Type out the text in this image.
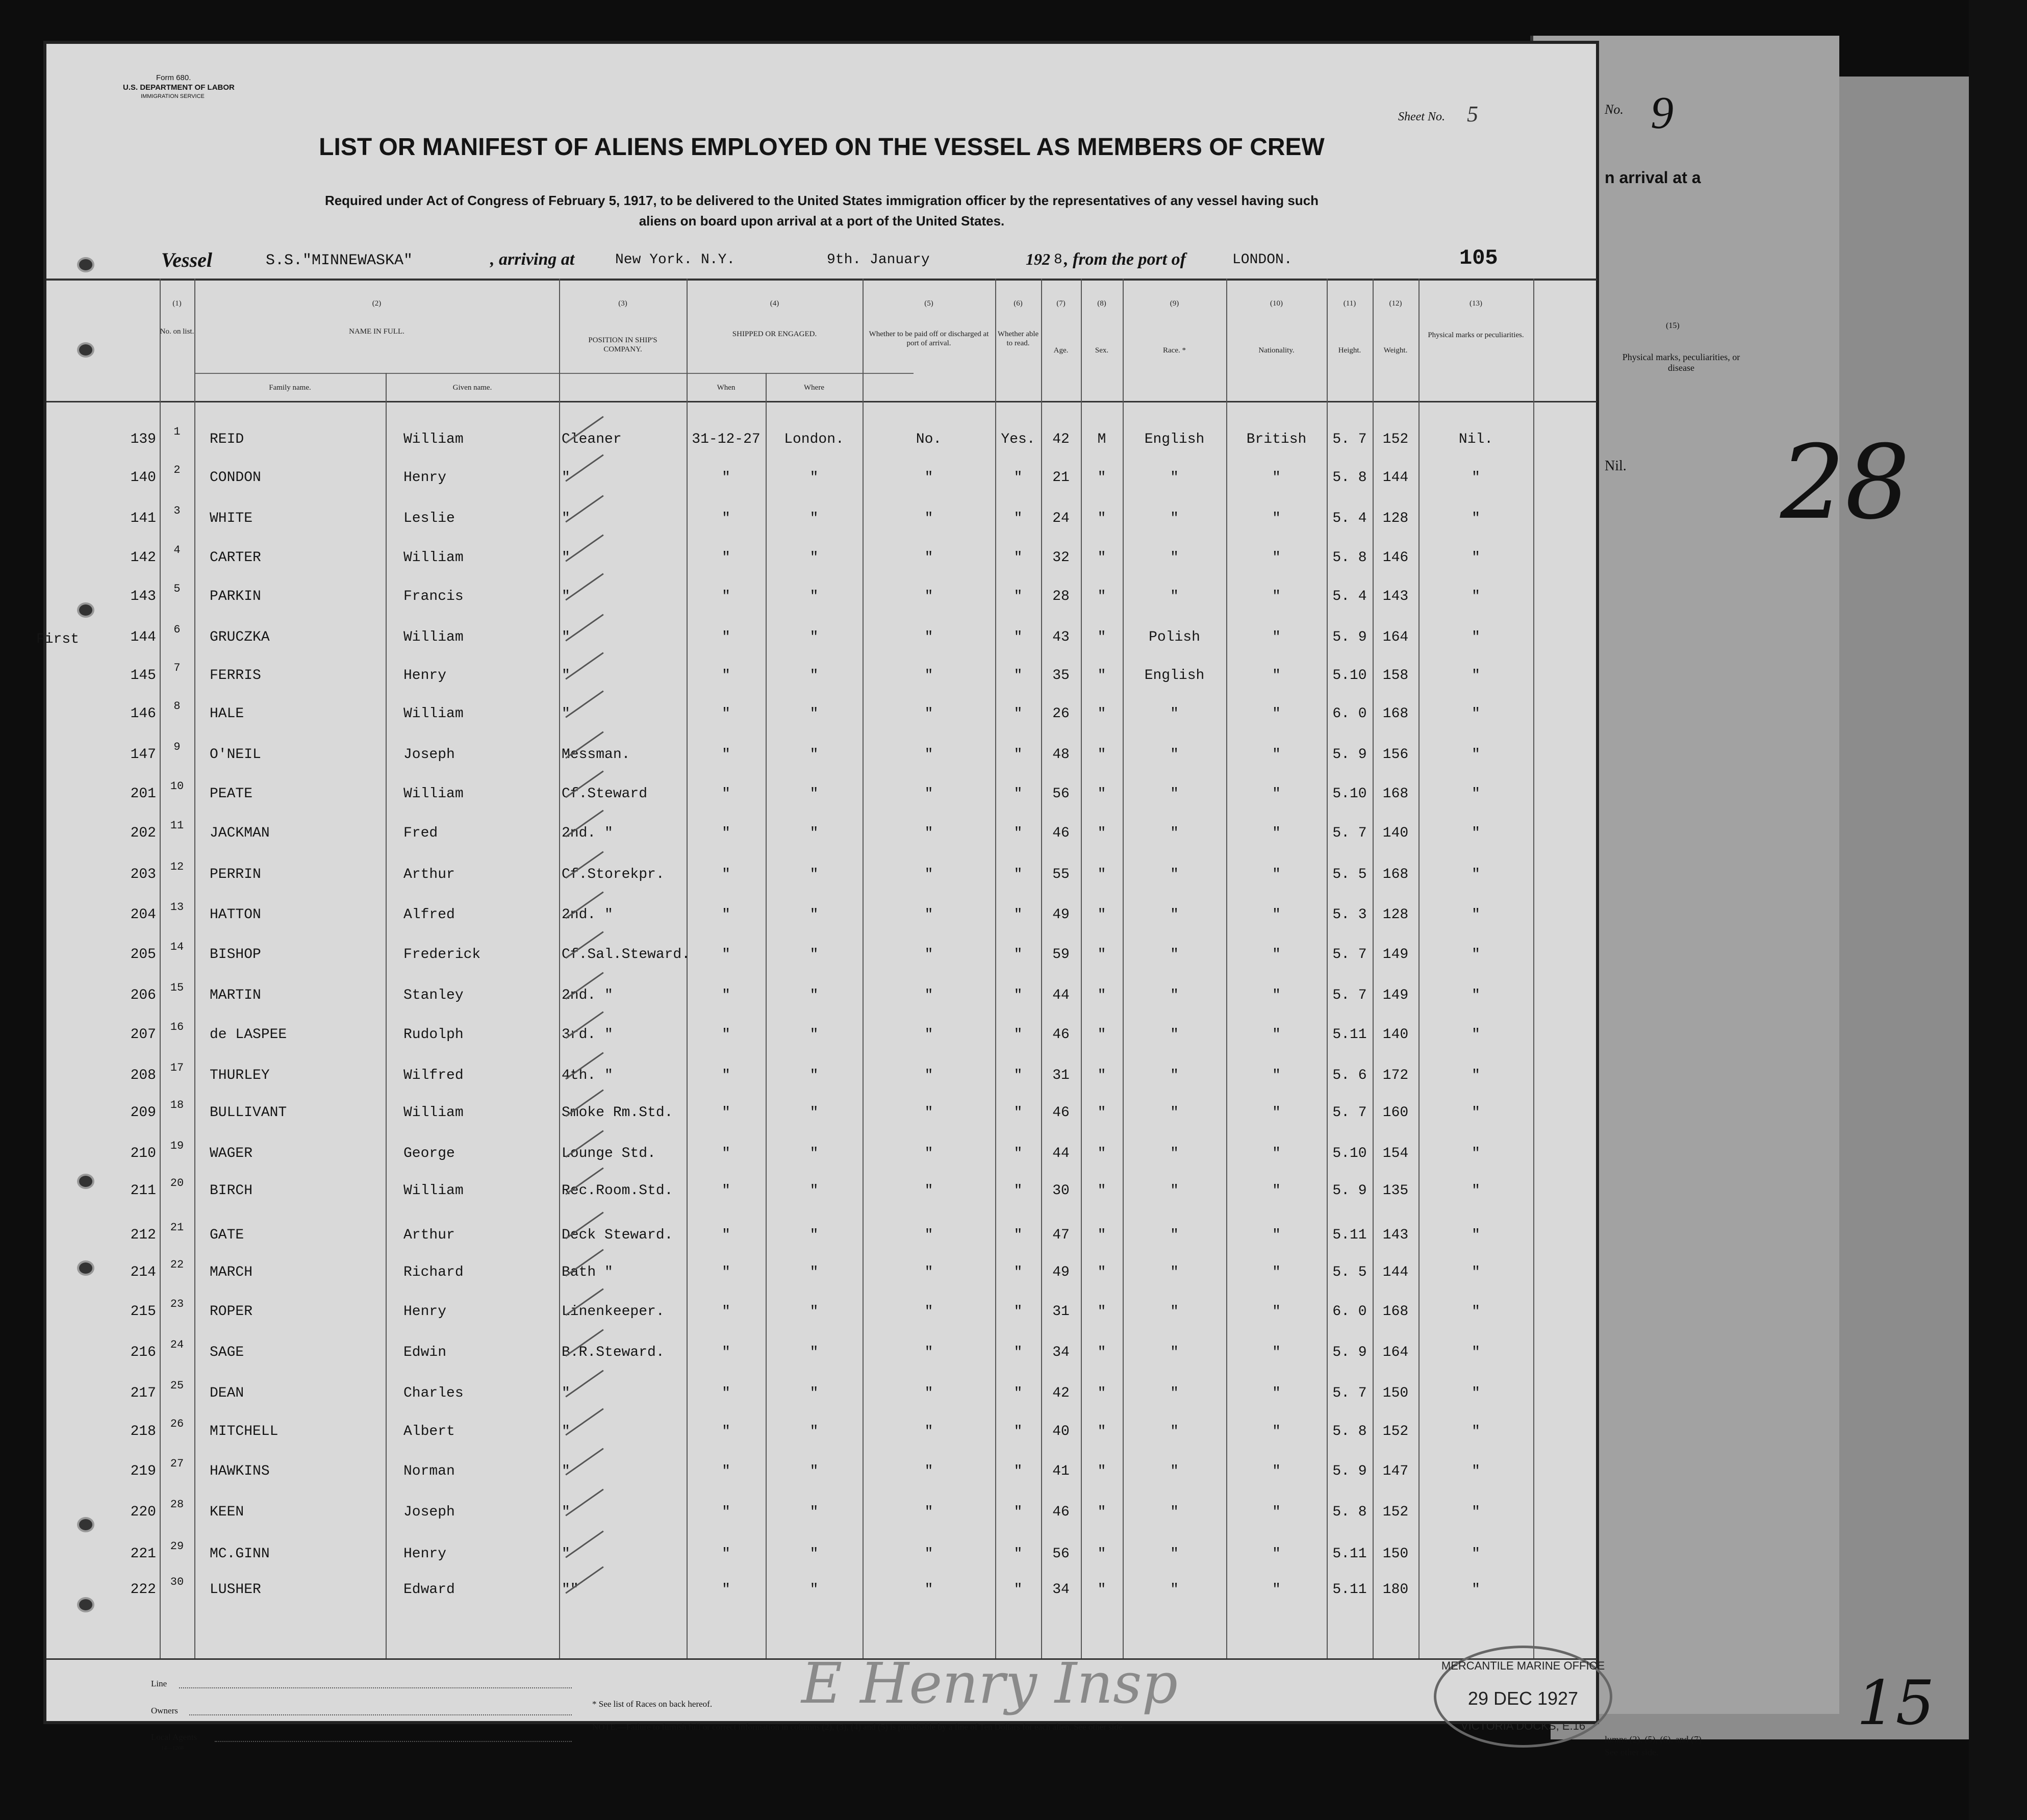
No. 9
n arrival at a
(15)
Physical marks, peculiarities, or disease
Nil.
lumns (2), (5), (6), and (7)
See other side.
28
15
Form 680.
U.S. DEPARTMENT OF LABOR
IMMIGRATION SERVICE
Sheet No. 5
LIST OR MANIFEST OF ALIENS EMPLOYED ON THE VESSEL AS MEMBERS OF CREW
Required under Act of Congress of February 5, 1917, to be delivered to the United States immigration officer by the representatives of any vessel having such
aliens on board upon arrival at a port of the United States.
Vessel	S.S."MINNEWASKA"	, arriving at	New York. N.Y.	9th. January	192 8 , from the port of	LONDON.	105
(1)
No. on list.
(2)
NAME IN FULL.
Family name.	Given name.
(3)
POSITION IN SHIP'S COMPANY.
(4)
SHIPPED OR ENGAGED.
When	Where
(5)
Whether to be paid off or discharged at port of arrival.
(6)
Whether able to read.
(7)
Age.
(8)
Sex.
(9)
Race. *
(10)
Nationality.
(11)
Height.
(12)
Weight.
(13)
Physical marks or peculiarities.
139	1	REID	William	Cleaner	31-12-27	London.	No.	Yes.	42	M	English	British	5. 7	152	Nil.
140	2	CONDON	Henry	"	"	"	"	"	21	"	"	"	5. 8	144	"
141	3	WHITE	Leslie	"	"	"	"	"	24	"	"	"	5. 4	128	"
142	4	CARTER	William	"	"	"	"	"	32	"	"	"	5. 8	146	"
143	5	PARKIN	Francis	"	"	"	"	"	28	"	"	"	5. 4	143	"
144	6	GRUCZKA	William	"	"	"	"	"	43	"	Polish	"	5. 9	164	"
145	7	FERRIS	Henry	"	"	"	"	"	35	"	English	"	5.10	158	"
146	8	HALE	William	"	"	"	"	"	26	"	"	"	6. 0	168	"
147	9	O'NEIL	Joseph	Messman.	"	"	"	"	48	"	"	"	5. 9	156	"
201	10	PEATE	William	Cf.Steward	"	"	"	"	56	"	"	"	5.10	168	"
202	11	JACKMAN	Fred	2nd. "	"	"	"	"	46	"	"	"	5. 7	140	"
203	12	PERRIN	Arthur	Cf.Storekpr.	"	"	"	"	55	"	"	"	5. 5	168	"
204	13	HATTON	Alfred	2nd. "	"	"	"	"	49	"	"	"	5. 3	128	"
205	14	BISHOP	Frederick	Cf.Sal.Steward.	"	"	"	"	59	"	"	"	5. 7	149	"
206	15	MARTIN	Stanley	2nd. "	"	"	"	"	44	"	"	"	5. 7	149	"
207	16	de LASPEE	Rudolph	3rd. "	"	"	"	"	46	"	"	"	5.11	140	"
208	17	THURLEY	Wilfred	4th. "	"	"	"	"	31	"	"	"	5. 6	172	"
209	18	BULLIVANT	William	Smoke Rm.Std.	"	"	"	"	46	"	"	"	5. 7	160	"
210	19	WAGER	George	Lounge Std.	"	"	"	"	44	"	"	"	5.10	154	"
211	20	BIRCH	William	Rec.Room.Std.	"	"	"	"	30	"	"	"	5. 9	135	"
212	21	GATE	Arthur	Deck Steward.	"	"	"	"	47	"	"	"	5.11	143	"
214	22	MARCH	Richard	Bath "	"	"	"	"	49	"	"	"	5. 5	144	"
215	23	ROPER	Henry	Linenkeeper.	"	"	"	"	31	"	"	"	6. 0	168	"
216	24	SAGE	Edwin	B.R.Steward.	"	"	"	"	34	"	"	"	5. 9	164	"
217	25	DEAN	Charles	"	"	"	"	"	42	"	"	"	5. 7	150	"
218	26	MITCHELL	Albert	"	"	"	"	"	40	"	"	"	5. 8	152	"
219	27	HAWKINS	Norman	"	"	"	"	"	41	"	"	"	5. 9	147	"
220	28	KEEN	Joseph	"	"	"	"	"	46	"	"	"	5. 8	152	"
221	29	MC.GINN	Henry	"	"	"	"	"	56	"	"	"	5.11	150	"
222	30	LUSHER	Edward	""	"	"	"	"	34	"	"	"	5.11	180	"
First
E Henry Insp	MERCANTILE MARINE OFFICE
29 DEC 1927
VICTORIA DOCKS, E.16
Line
Owners
Local Agents
14—1268
* See list of Races on back hereof.
NOTE.—Failure to furnish full or correct information in columns (2), (3), (4) and (5) is punishable by a fine of Ten Dollars for each alien. See other side.
